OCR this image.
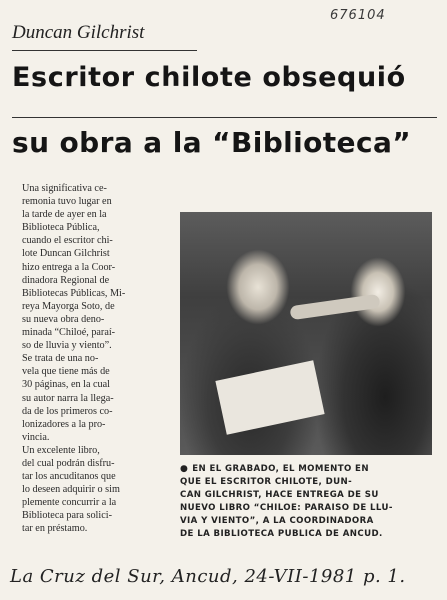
676104
Duncan Gilchrist
Escritor chilote obsequió
su obra a la “Biblioteca”

Una significativa ce-
remonia tuvo lugar en
la tarde de ayer en la
Biblioteca Pública,
cuando el escritor chi-
lote Duncan Gilchrist
hizo entrega a la Coor-
dinadora Regional de
Bibliotecas Públicas, Mi-
reya Mayorga Soto, de
su nueva obra deno-
minada “Chiloé, paraí-
so de lluvia y viento”.

Se trata de una no-
vela que tiene más de
30 páginas, en la cual
su autor narra la llega-
da de los primeros co-
lonizadores a la pro-
vincia.

Un excelente libro,
del cual podrán disfru-
tar los ancuditanos que
lo deseen adquirir o sim
plemente concurrir a la
Biblioteca para solici-
tar en préstamo.

● EN EL GRABADO, EL MOMENTO EN
QUE EL ESCRITOR CHILOTE, DUN-
CAN GILCHRIST, HACE ENTREGA DE SU
NUEVO LIBRO “CHILOE: PARAISO DE LLU-
VIA Y VIENTO”, A LA COORDINADORA
DE LA BIBLIOTECA PUBLICA DE ANCUD.
La Cruz del Sur, Ancud, 24-VII-1981 p. 1.
